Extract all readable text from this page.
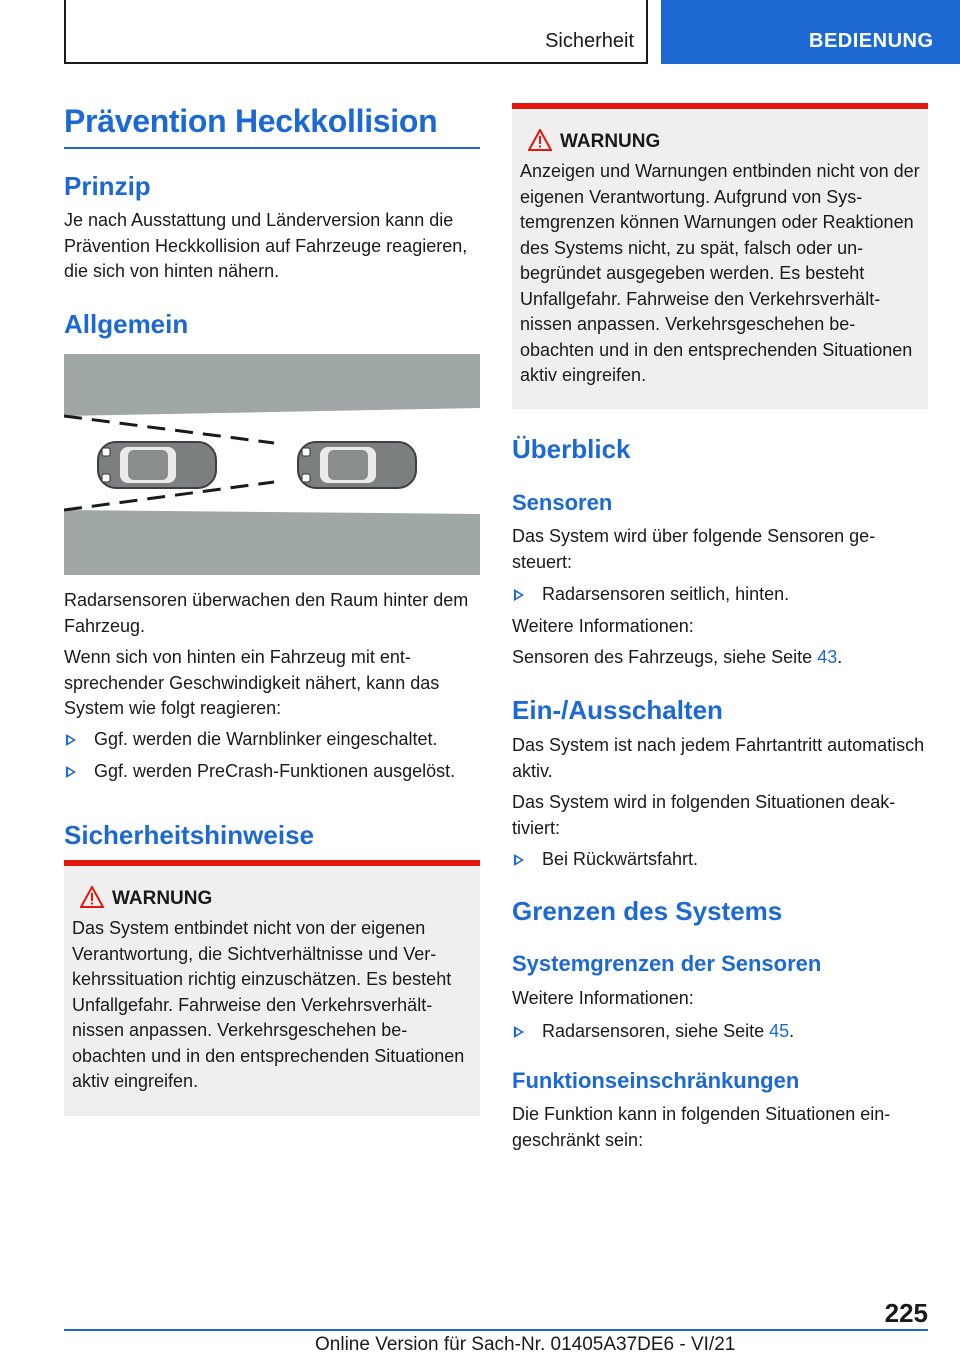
Sicherheit	BEDIENUNG
Prävention Heckkollision
Prinzip
Je nach Ausstattung und Länderversion kann die Prävention Heckkollision auf Fahrzeuge reagieren, die sich von hinten nähern.
Allgemein
Radarsensoren überwachen den Raum hinter dem Fahrzeug.
Wenn sich von hinten ein Fahrzeug mit entsprechender Geschwindigkeit nähert, kann das System wie folgt reagieren:
Ggf. werden die Warnblinker eingeschaltet.
Ggf. werden PreCrash-Funktionen ausgelöst.
Sicherheitshinweise
WARNUNG
Das System entbindet nicht von der eigenen Verantwortung, die Sichtverhältnisse und Verkehrssituation richtig einzuschätzen. Es besteht Unfallgefahr. Fahrweise den Verkehrsverhältnissen anpassen. Verkehrsgeschehen beobachten und in den entsprechenden Situationen aktiv eingreifen.
WARNUNG
Anzeigen und Warnungen entbinden nicht von der eigenen Verantwortung. Aufgrund von Systemgrenzen können Warnungen oder Reaktionen des Systems nicht, zu spät, falsch oder unbegründet ausgegeben werden. Es besteht Unfallgefahr. Fahrweise den Verkehrsverhältnissen anpassen. Verkehrsgeschehen beobachten und in den entsprechenden Situationen aktiv eingreifen.
Überblick
Sensoren
Das System wird über folgende Sensoren gesteuert:
Radarsensoren seitlich, hinten.
Weitere Informationen:
Sensoren des Fahrzeugs, siehe Seite 43.
Ein-/Ausschalten
Das System ist nach jedem Fahrtantritt automatisch aktiv.
Das System wird in folgenden Situationen deaktiviert:
Bei Rückwärtsfahrt.
Grenzen des Systems
Systemgrenzen der Sensoren
Weitere Informationen:
Radarsensoren, siehe Seite 45.
Funktionseinschränkungen
Die Funktion kann in folgenden Situationen eingeschränkt sein:
225
Online Version für Sach-Nr. 01405A37DE6 - VI/21
